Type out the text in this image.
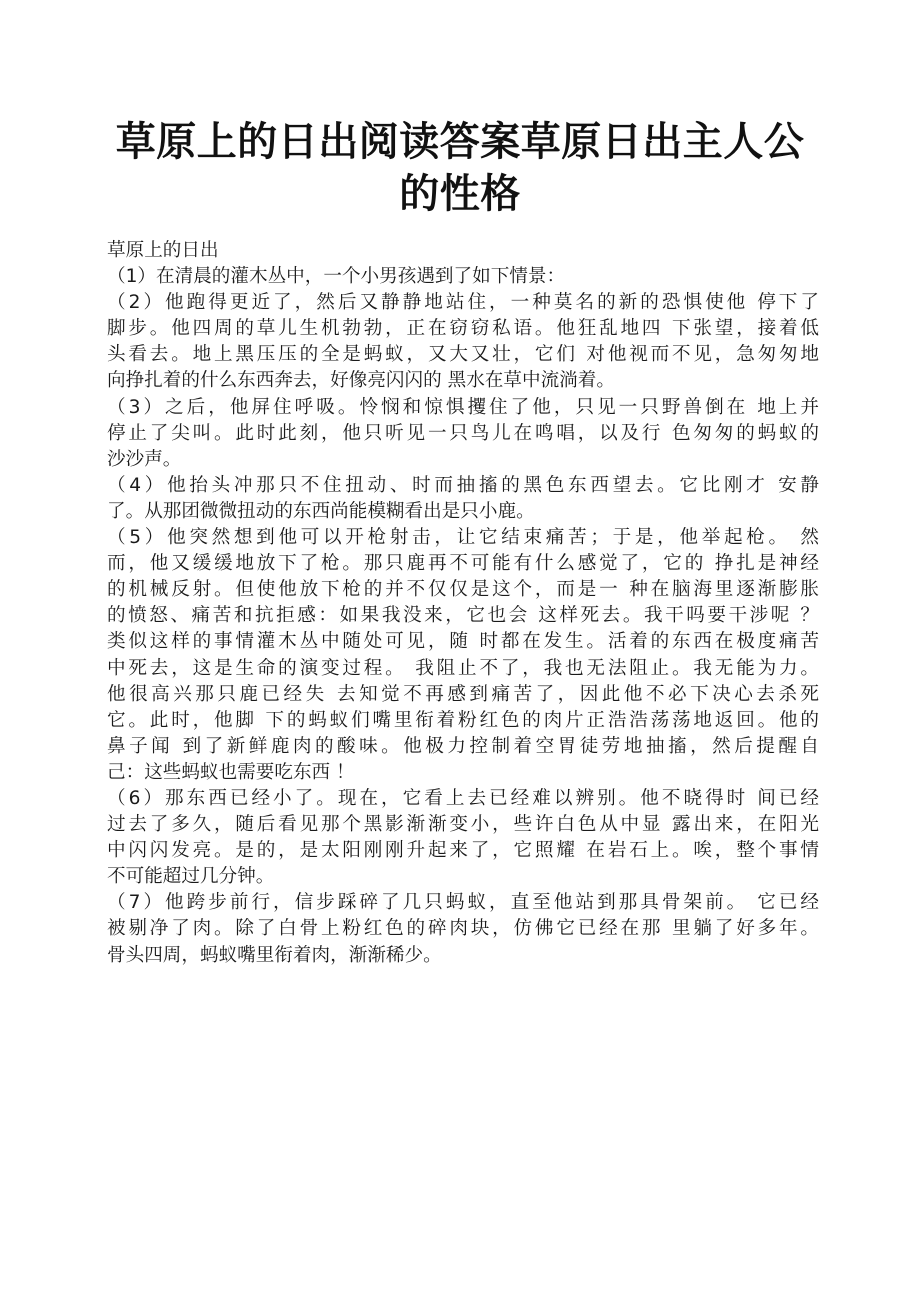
草原上的日出阅读答案草原日出主人公的性格
草原上的日出
（1）在清晨的灌木丛中，一个小男孩遇到了如下情景：
（2）他跑得更近了，然后又静静地站住，一种莫名的新的恐惧使他 停下了
脚步。他四周的草儿生机勃勃，正在窃窃私语。他狂乱地四 下张望，接着低
头看去。地上黑压压的全是蚂蚁，又大又壮，它们 对他视而不见，急匆匆地
向挣扎着的什么东西奔去，好像亮闪闪的 黑水在草中流淌着。
（3）之后，他屏住呼吸。怜悯和惊惧攫住了他，只见一只野兽倒在 地上并
停止了尖叫。此时此刻，他只听见一只鸟儿在鸣唱，以及行 色匆匆的蚂蚁的
沙沙声。
（4）他抬头冲那只不住扭动、时而抽搐的黑色东西望去。它比刚才 安静
了。从那团微微扭动的东西尚能模糊看出是只小鹿。
（5）他突然想到他可以开枪射击，让它结束痛苦；于是，他举起枪。 然
而，他又缓缓地放下了枪。那只鹿再不可能有什么感觉了，它的 挣扎是神经
的机械反射。但使他放下枪的并不仅仅是这个，而是一 种在脑海里逐渐膨胀
的愤怒、痛苦和抗拒感：如果我没来，它也会 这样死去。我干吗要干涉呢 ？
类似这样的事情灌木丛中随处可见，随 时都在发生。活着的东西在极度痛苦
中死去，这是生命的演变过程。 我阻止不了，我也无法阻止。我无能为力。
他很高兴那只鹿已经失 去知觉不再感到痛苦了，因此他不必下决心去杀死
它。此时，他脚 下的蚂蚁们嘴里衔着粉红色的肉片正浩浩荡荡地返回。他的
鼻子闻 到了新鲜鹿肉的酸味。他极力控制着空胃徒劳地抽搐，然后提醒自
己：这些蚂蚁也需要吃东西 ！
（6）那东西已经小了。现在，它看上去已经难以辨别。他不晓得时 间已经
过去了多久，随后看见那个黑影渐渐变小，些许白色从中显 露出来，在阳光
中闪闪发亮。是的，是太阳刚刚升起来了，它照耀 在岩石上。唉，整个事情
不可能超过几分钟。
（7）他跨步前行，信步踩碎了几只蚂蚁，直至他站到那具骨架前。 它已经
被剔净了肉。除了白骨上粉红色的碎肉块，仿佛它已经在那 里躺了好多年。
骨头四周，蚂蚁嘴里衔着肉，渐渐稀少。
